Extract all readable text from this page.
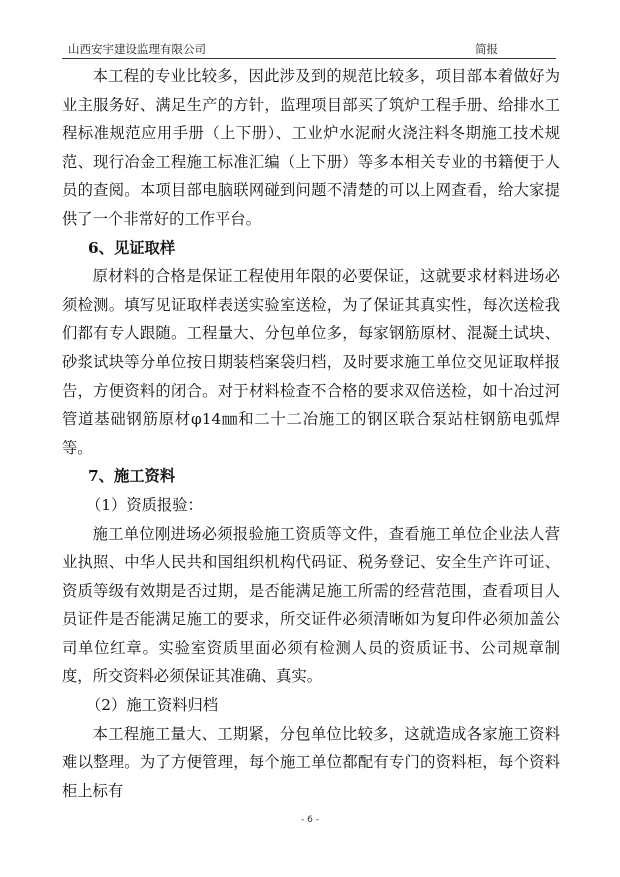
山西安宇建设监理有限公司	简报

本工程的专业比较多，因此涉及到的规范比较多，项目部本着做好为业主服务好、满足生产的方针，监理项目部买了筑炉工程手册、给排水工程标准规范应用手册（上下册）、工业炉水泥耐火浇注料冬期施工技术规范、现行冶金工程施工标准汇编（上下册）等多本相关专业的书籍便于人员的查阅。本项目部电脑联网碰到问题不清楚的可以上网查看，给大家提供了一个非常好的工作平台。

6、见证取样

原材料的合格是保证工程使用年限的必要保证，这就要求材料进场必须检测。填写见证取样表送实验室送检，为了保证其真实性，每次送检我们都有专人跟随。工程量大、分包单位多，每家钢筋原材、混凝土试块、砂浆试块等分单位按日期装档案袋归档，及时要求施工单位交见证取样报告，方便资料的闭合。对于材料检查不合格的要求双倍送检，如十冶过河管道基础钢筋原材φ14㎜和二十二冶施工的钢区联合泵站柱钢筋电弧焊等。

7、施工资料

（1）资质报验：

施工单位刚进场必须报验施工资质等文件，查看施工单位企业法人营业执照、中华人民共和国组织机构代码证、税务登记、安全生产许可证、资质等级有效期是否过期，是否能满足施工所需的经营范围，查看项目人员证件是否能满足施工的要求，所交证件必须清晰如为复印件必须加盖公司单位红章。实验室资质里面必须有检测人员的资质证书、公司规章制度，所交资料必须保证其准确、真实。

（2）施工资料归档

本工程施工量大、工期紧，分包单位比较多，这就造成各家施工资料难以整理。为了方便管理，每个施工单位都配有专门的资料柜，每个资料柜上标有

- 6 -
